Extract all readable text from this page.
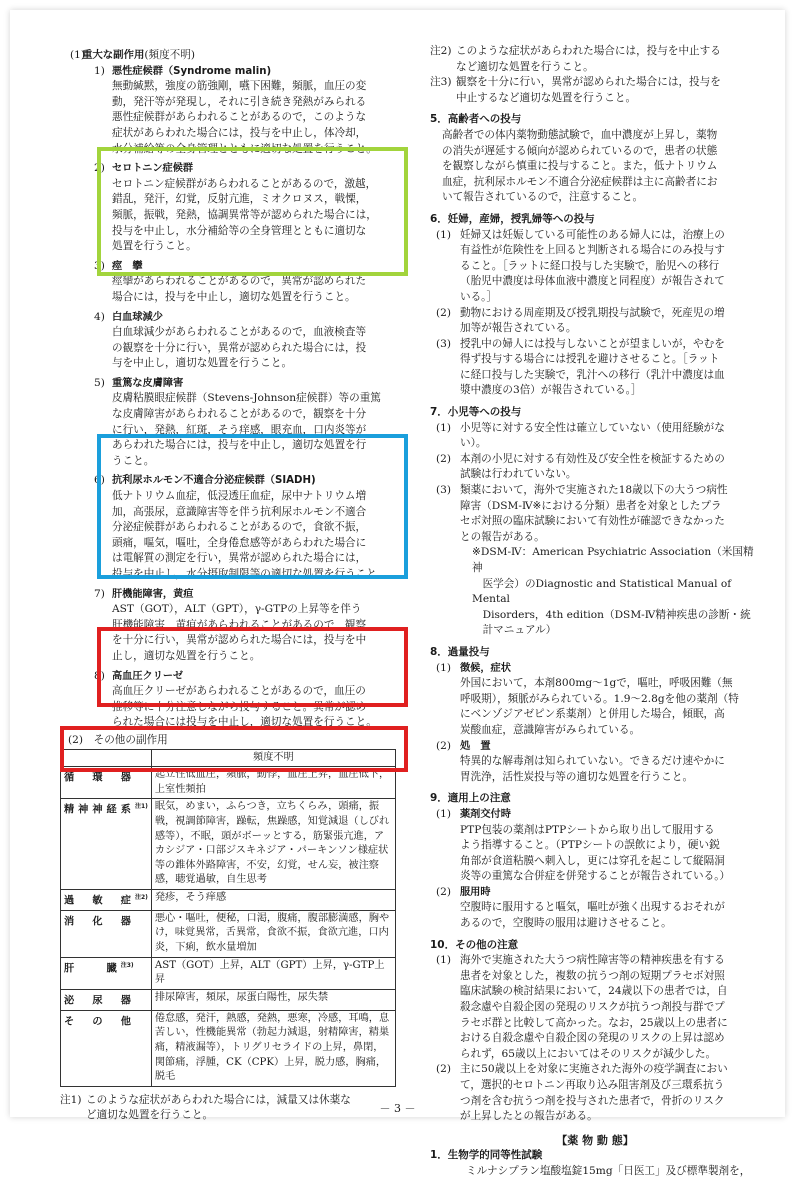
(1)
重大な副作用(頻度不明)
1) 悪性症候群（Syndrome malin)
無動緘黙，強度の筋強剛，嚥下困難，頻脈，血圧の変
動，発汗等が発現し，それに引き続き発熱がみられる
悪性症候群があらわれることがあるので，このような
症状があらわれた場合には，投与を中止し，体冷却，
水分補給等の全身管理とともに適切な処置を行うこと。
2) セロトニン症候群
セロトニン症候群があらわれることがあるので，激越，
錯乱，発汗，幻覚，反射亢進，ミオクロヌス，戦慄，
頻脈，振戦，発熱，協調異常等が認められた場合には，
投与を中止し，水分補給等の全身管理とともに適切な
処置を行うこと。
3) 痙　攣
痙攣があらわれることがあるので，異常が認められた
場合には，投与を中止し，適切な処置を行うこと。
4) 白血球減少
白血球減少があらわれることがあるので，血液検査等
の観察を十分に行い，異常が認められた場合には，投
与を中止し，適切な処置を行うこと。
5) 重篤な皮膚障害
皮膚粘膜眼症候群（Stevens-Johnson症候群）等の重篤
な皮膚障害があらわれることがあるので，観察を十分
に行い，発熱，紅斑，そう痒感，眼充血，口内炎等が
あらわれた場合には，投与を中止し，適切な処置を行
うこと。
6) 抗利尿ホルモン不適合分泌症候群（SIADH)
低ナトリウム血症，低浸透圧血症，尿中ナトリウム増
加，高張尿，意識障害等を伴う抗利尿ホルモン不適合
分泌症候群があらわれることがあるので，食欲不振，
頭痛，嘔気，嘔吐，全身倦怠感等があらわれた場合に
は電解質の測定を行い，異常が認められた場合には，
投与を中止し，水分摂取制限等の適切な処置を行うこと。
7) 肝機能障害，黄疸
AST（GOT），ALT（GPT），γ-GTPの上昇等を伴う
肝機能障害，黄疸があらわれることがあるので，観察
を十分に行い，異常が認められた場合には，投与を中
止し，適切な処置を行うこと。
8) 高血圧クリーゼ
高血圧クリーゼがあらわれることがあるので，血圧の
推移等に十分注意しながら投与すること。異常が認め
られた場合には投与を中止し，適切な処置を行うこと。
(2)　その他の副作用
	頻度不明
循　環　器	起立性低血圧，頻脈，動悸，血圧上昇，血圧低下，上室性頻拍
精神神経系$^{注1)}$	眠気，めまい，ふらつき，立ちくらみ，頭痛，振戦，視調節障害，躁転，焦躁感，知覚減退（しびれ感等），不眠，頭がボーッとする，筋緊張亢進，アカシジア・口部ジスキネジア・パーキンソン様症状等の錐体外路障害，不安，幻覚，せん妄，被注察感，聴覚過敏，自生思考
過　敏　症$^{注2)}$	発疹，そう痒感
消　化　器	悪心・嘔吐，便秘，口渇，腹痛，腹部膨満感，胸やけ，味覚異常，舌異常，食欲不振，食欲亢進，口内炎，下痢，飲水量増加
肝　　臓$^{注3)}$	AST（GOT）上昇，ALT（GPT）上昇，γ-GTP上昇
泌　尿　器	排尿障害，頻尿，尿蛋白陽性，尿失禁
そ　の　他	倦怠感，発汗，熱感，発熱，悪寒，冷感，耳鳴，息苦しい，性機能異常（勃起力減退，射精障害，精巣痛，精液漏等），トリグリセライドの上昇，鼻閉，関節痛，浮腫，CK（CPK）上昇，脱力感，胸痛，脱毛
注1) このような症状があらわれた場合には，減量又は休薬な
ど適切な処置を行うこと。
注2) このような症状があらわれた場合には，投与を中止する
など適切な処置を行うこと。
注3) 観察を十分に行い，異常が認められた場合には，投与を
中止するなど適切な処置を行うこと。
5．高齢者への投与
高齢者での体内薬物動態試験で，血中濃度が上昇し，薬物
の消失が遅延する傾向が認められているので，患者の状態
を観察しながら慎重に投与すること。また，低ナトリウム
血症，抗利尿ホルモン不適合分泌症候群は主に高齢者にお
いて報告されているので，注意すること。
6．妊婦，産婦，授乳婦等への投与
(1) 妊婦又は妊娠している可能性のある婦人には，治療上の
有益性が危険性を上回ると判断される場合にのみ投与す
ること。［ラットに経口投与した実験で，胎児への移行
（胎児中濃度は母体血液中濃度と同程度）が報告されて
いる。］
(2) 動物における周産期及び授乳期投与試験で，死産児の増
加等が報告されている。
(3) 授乳中の婦人には投与しないことが望ましいが，やむを
得ず投与する場合には授乳を避けさせること。［ラット
に経口投与した実験で，乳汁への移行（乳汁中濃度は血
漿中濃度の3倍）が報告されている。］
7．小児等への投与
(1) 小児等に対する安全性は確立していない（使用経験がな
い）。
(2) 本剤の小児に対する有効性及び安全性を検証するための
試験は行われていない。
(3) 類薬において，海外で実施された18歳以下の大うつ病性
障害（DSM-Ⅳ※における分類）患者を対象としたプラ
セボ対照の臨床試験において有効性が確認できなかった
との報告がある。
※DSM-Ⅳ：American Psychiatric Association（米国精神
　医学会）のDiagnostic and Statistical Manual of Mental
　Disorders，4th edition（DSM-Ⅳ精神疾患の診断・統
　計マニュアル）
8．過量投与
(1) 徴候，症状
外国において，本剤800mg～1gで，嘔吐，呼吸困難（無
呼吸期），頻脈がみられている。1.9～2.8gを他の薬剤（特
にベンゾジアゼピン系薬剤）と併用した場合，傾眠，高
炭酸血症，意識障害がみられている。
(2) 処　置
特異的な解毒剤は知られていない。できるだけ速やかに
胃洗浄，活性炭投与等の適切な処置を行うこと。
9．適用上の注意
(1) 薬剤交付時
PTP包装の薬剤はPTPシートから取り出して服用する
よう指導すること。（PTPシートの誤飲により，硬い鋭
角部が食道粘膜へ刺入し，更には穿孔を起こして縦隔洞
炎等の重篤な合併症を併発することが報告されている。）
(2) 服用時
空腹時に服用すると嘔気，嘔吐が強く出現するおそれが
あるので，空腹時の服用は避けさせること。
10．その他の注意
(1) 海外で実施された大うつ病性障害等の精神疾患を有する
患者を対象とした，複数の抗うつ剤の短期プラセボ対照
臨床試験の検討結果において，24歳以下の患者では，自
殺念慮や自殺企図の発現のリスクが抗うつ剤投与群でプ
ラセボ群と比較して高かった。なお，25歳以上の患者に
おける自殺念慮や自殺企図の発現のリスクの上昇は認め
られず，65歳以上においてはそのリスクが減少した。
(2) 主に50歳以上を対象に実施された海外の疫学調査におい
て，選択的セロトニン再取り込み阻害剤及び三環系抗う
つ剤を含む抗うつ剤を投与された患者で，骨折のリスク
が上昇したとの報告がある。
【薬 物 動 態】
1．生物学的同等性試験
ミルナシプラン塩酸塩錠15mg「日医工」及び標準製剤を，
－ 3 －
